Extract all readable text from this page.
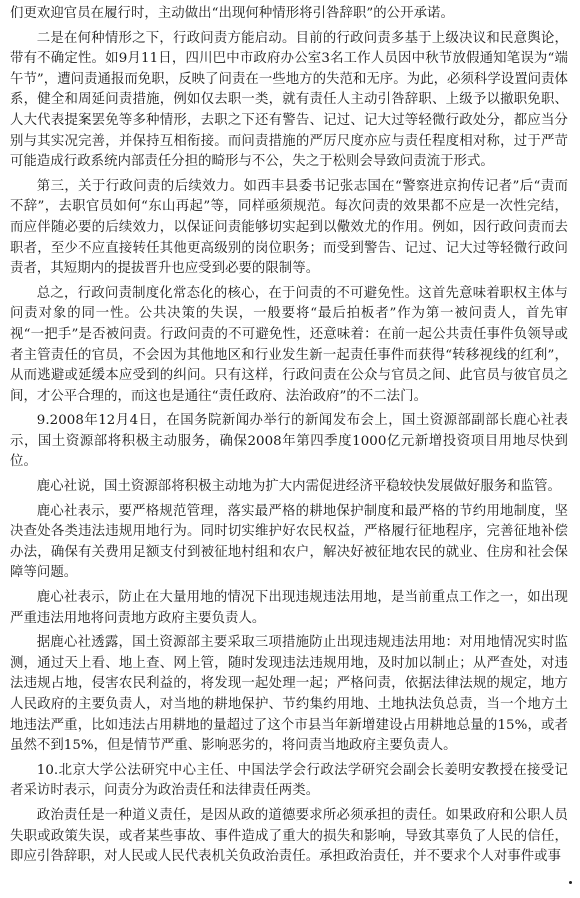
们更欢迎官员在履行时，主动做出“出现何种情形将引咎辞职”的公开承诺。

二是在何种情形之下，行政问责方能启动。目前的行政问责多基于上级决议和民意舆论，带有不确定性。如9月11日，四川巴中市政府办公室3名工作人员因中秋节放假通知笔误为“端午节”，遭问责通报而免职，反映了问责在一些地方的失范和无序。为此，必须科学设置问责体系，健全和周延问责措施，例如仅去职一类，就有责任人主动引咎辞职、上级予以撤职免职、人大代表提案罢免等多种情形，去职之下还有警告、记过、记大过等轻微行政处分，都应当分别与其实况完善，并保持互相衔接。而问责措施的严厉尺度亦应与责任程度相对称，过于严苛可能造成行政系统内部责任分担的畸形与不公，失之于松则会导致问责流于形式。

第三，关于行政问责的后续效力。如西丰县委书记张志国在“警察进京拘传记者”后“责而不辞”，去职官员如何“东山再起”等，同样亟须规范。每次问责的效果都不应是一次性完结，而应伴随必要的后续效力，以保证问责能够切实起到以儆效尤的作用。例如，因行政问责而去职者，至少不应直接转任其他更高级别的岗位职务；而受到警告、记过、记大过等轻微行政问责者，其短期内的提拔晋升也应受到必要的限制等。

总之，行政问责制度化常态化的核心，在于问责的不可避免性。这首先意味着职权主体与问责对象的同一性。公共决策的失误，一般要将“最后拍板者”作为第一被问责人，首先审视“一把手”是否被问责。行政问责的不可避免性，还意味着：在前一起公共责任事件负领导或者主管责任的官员，不会因为其他地区和行业发生新一起责任事件而获得“转移视线的红利”，从而逃避或延缓本应受到的纠问。只有这样，行政问责在公众与官员之间、此官员与彼官员之间，才公平合理的，而这也是通往“责任政府、法治政府”的不二法门。

9.2008年12月4日，在国务院新闻办举行的新闻发布会上，国土资源部副部长鹿心社表示，国土资源部将积极主动服务，确保2008年第四季度1000亿元新增投资项目用地尽快到位。

鹿心社说，国土资源部将积极主动地为扩大内需促进经济平稳较快发展做好服务和监管。

鹿心社表示，要严格规范管理，落实最严格的耕地保护制度和最严格的节约用地制度，坚决查处各类违法违规用地行为。同时切实维护好农民权益，严格履行征地程序，完善征地补偿办法，确保有关费用足额支付到被征地村组和农户，解决好被征地农民的就业、住房和社会保障等问题。

鹿心社表示，防止在大量用地的情况下出现违规违法用地，是当前重点工作之一，如出现严重违法用地将问责地方政府主要负责人。

据鹿心社透露，国土资源部主要采取三项措施防止出现违规违法用地：对用地情况实时监测，通过天上看、地上查、网上管，随时发现违法违规用地，及时加以制止；从严查处，对违法违规占地，侵害农民利益的，将发现一起处理一起；严格问责，依据法律法规的规定，地方人民政府的主要负责人，对当地的耕地保护、节约集约用地、土地执法负总责，当一个地方土地违法严重，比如违法占用耕地的量超过了这个市县当年新增建设占用耕地总量的15%，或者虽然不到15%，但是情节严重、影响恶劣的，将问责当地政府主要负责人。

10.北京大学公法研究中心主任、中国法学会行政法学研究会副会长姜明安教授在接受记者采访时表示，问责分为政治责任和法律责任两类。

政治责任是一种道义责任，是因从政的道德要求所必须承担的责任。如果政府和公职人员失职或政策失误，或者某些事故、事件造成了重大的损失和影响，导致其辜负了人民的信任，即应引咎辞职，对人民或人民代表机关负政治责任。承担政治责任，并不要求个人对事件或事
